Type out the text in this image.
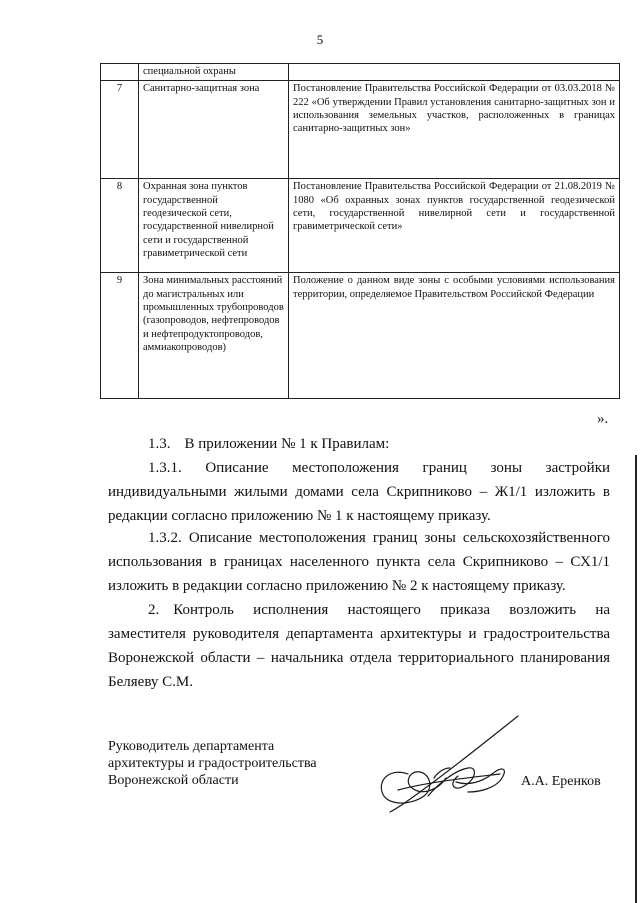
5
	специальной охраны	
7	Санитарно-защитная зона	Постановление Правительства Российской Федерации от 03.03.2018 № 222 «Об утверждении Правил установления санитарно-защитных зон и использования земельных участков, расположенных в границах санитарно-защитных зон»
8	Охранная зона пунктов государственной геодезической сети, государственной нивелирной сети и государственной гравиметрической сети	Постановление Правительства Российской Федерации от 21.08.2019 № 1080 «Об охранных зонах пунктов государственной геодезической сети, государственной нивелирной сети и государственной гравиметрической сети»
9	Зона минимальных расстояний до магистральных или промышленных трубопроводов (газопроводов, нефтепроводов и нефтепродуктопроводов, аммиакопроводов)	Положение о данном виде зоны с особыми условиями использования территории, определяемое Правительством Российской Федерации
».
1.3. В приложении № 1 к Правилам:
1.3.1. Описание местоположения границ зоны застройки индивидуальными жилыми домами села Скрипниково – Ж1/1 изложить в редакции согласно приложению № 1 к настоящему приказу.
1.3.2. Описание местоположения границ зоны сельскохозяйственного использования в границах населенного пункта села Скрипниково – СХ1/1 изложить в редакции согласно приложению № 2 к настоящему приказу.
2. Контроль исполнения настоящего приказа возложить на заместителя руководителя департамента архитектуры и градостроительства Воронежской области – начальника отдела территориального планирования Беляеву С.М.
Руководитель департамента
архитектуры и градостроительства
Воронежской области	А.А. Еренков
